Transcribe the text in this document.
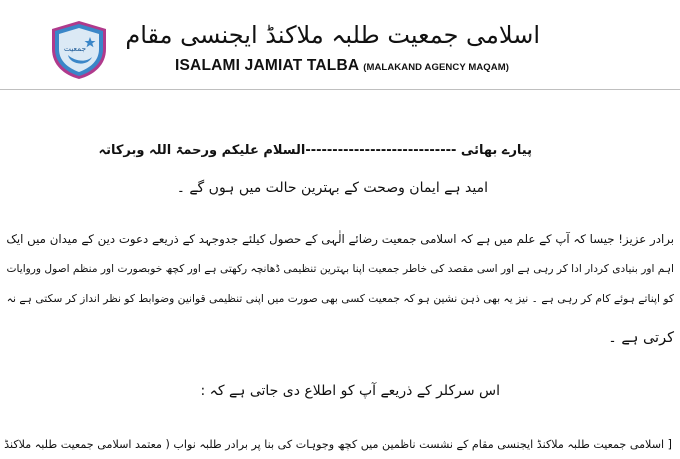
جمعیت اسلامی جمعیت طلبہ ملاکنڈ ایجنسی مقام
ISALAMI JAMIAT TALBA (MALAKAND AGENCY MAQAM)
پیارے بھائی ----------------------------السلام علیکم ورحمۃ اللہ وبرکاتہ
امید ہے ایمان وصحت کے بہترین حالت میں ہوں گے ۔
برادر عزیز! جیسا کہ آپ کے علم میں ہے کہ اسلامی جمعیت رضائے الٰہی کے حصول کیلئے جدوجہد کے ذریعے دعوت دین کے میدان میں ایک
اہم اور بنیادی کردار ادا کر رہی ہے اور اسی مقصد کی خاطر جمعیت اپنا بہترین تنظیمی ڈھانچہ رکھتی ہے اور کچھ خوبصورت اور منظم اصول وروایات
کو اپناتے ہوئے کام کر رہی ہے ۔ نیز یہ بھی ذہن نشین ہو کہ جمعیت کسی بھی صورت میں اپنی تنظیمی قوانین وضوابط کو نظر انداز کر سکتی ہے نہ
کرتی ہے ۔
اس سرکلر کے ذریعے آپ کو اطلاع دی جاتی ہے کہ :
[ اسلامی جمعیت طلبہ ملاکنڈ ایجنسی مقام کے نشست ناظمین میں کچھ وجوہات کی بنا پر برادر طلبہ نواب ( معتمد اسلامی جمعیت طلبہ ملاکنڈ
